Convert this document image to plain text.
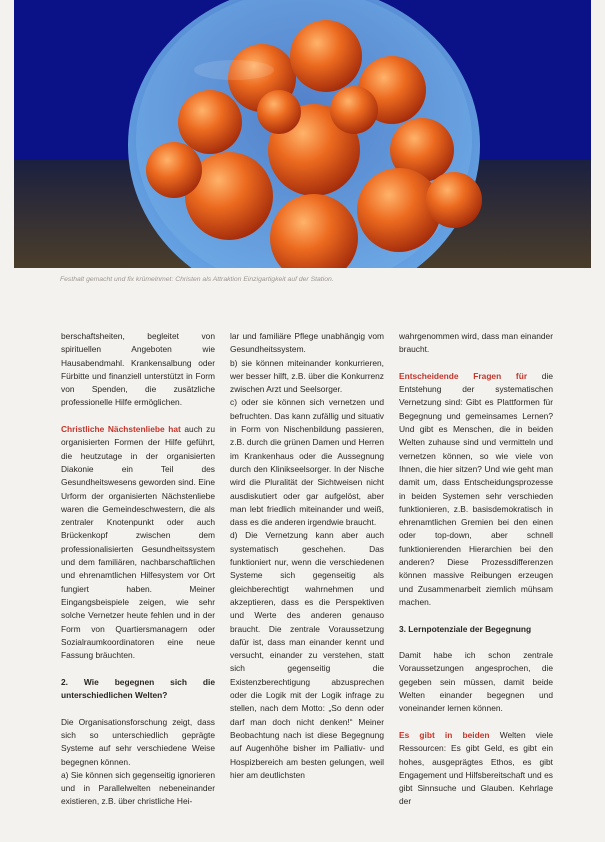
Festhalt gemacht und fix krümelnmet: Christen als Attraktion Einzigartigkeit auf der Station.

berschaftsheiten, begleitet von spirituellen Angeboten wie Hausabendmahl. Krankensalbung oder Fürbitte und finanziell unterstützt in Form von Spenden, die zusätzliche professionelle Hilfe ermöglichen.

Christliche Nächstenliebe hat auch zu organisierten Formen der Hilfe geführt, die heutzutage in der organisierten Diakonie ein Teil des Gesundheitswesens geworden sind. Eine Urform der organisierten Nächstenliebe waren die Gemeindeschwestern, die als zentraler Knotenpunkt oder auch Brückenkopf zwischen dem professionalisierten Gesundheitssystem und dem familiären, nachbarschaftlichen und ehrenamtlichen Hilfesystem vor Ort fungiert haben. Meiner Eingangsbeispiele zeigen, wie sehr solche Vernetzer heute fehlen und in der Form von Quartiersmanagern oder Sozialraumkoordinatoren eine neue Fassung bräuchten.

2. Wie begegnen sich die unterschiedlichen Welten?

Die Organisationsforschung zeigt, dass sich so unterschiedlich geprägte Systeme auf sehr verschiedene Weise begegnen können.

a) Sie können sich gegenseitig ignorieren und in Parallelwelten nebeneinander existieren, z.B. über christliche Hei-

lar und familiäre Pflege unabhängig vom Gesundheitssystem.

b) sie können miteinander konkurrieren, wer besser hilft, z.B. über die Konkurrenz zwischen Arzt und Seelsorger.

c) oder sie können sich vernetzen und befruchten. Das kann zufällig und situativ in Form von Nischenbildung passieren, z.B. durch die grünen Damen und Herren im Krankenhaus oder die Aussegnung durch den Klinikseelsorger. In der Nische wird die Pluralität der Sichtweisen nicht ausdiskutiert oder gar aufgelöst, aber man lebt friedlich miteinander und weiß, dass es die anderen irgendwie braucht.

d) Die Vernetzung kann aber auch systematisch geschehen. Das funktioniert nur, wenn die verschiedenen Systeme sich gegenseitig als gleichberechtigt wahrnehmen und akzeptieren, dass es die Perspektiven und Werte des anderen genauso braucht. Die zentrale Voraussetzung dafür ist, dass man einander kennt und versucht, einander zu verstehen, statt sich gegenseitig die Existenzberechtigung abzusprechen oder die Logik mit der Logik infrage zu stellen, nach dem Motto: „So denn oder darf man doch nicht denken!“ Meiner Beobachtung nach ist diese Begegnung auf Augenhöhe bisher im Palliativ- und Hospizbereich am besten gelungen, weil hier am deutlichsten

wahrgenommen wird, dass man einander braucht.

Entscheidende Fragen für die Entstehung der systematischen Vernetzung sind: Gibt es Plattformen für Begegnung und gemeinsames Lernen? Und gibt es Menschen, die in beiden Welten zuhause sind und vermitteln und vernetzen können, so wie viele von Ihnen, die hier sitzen? Und wie geht man damit um, dass Entscheidungsprozesse in beiden Systemen sehr verschieden funktionieren, z.B. basisdemokratisch in ehrenamtlichen Gremien bei den einen oder top-down, aber schnell funktionierenden Hierarchien bei den anderen? Diese Prozessdifferenzen können massive Reibungen erzeugen und Zusammenarbeit ziemlich mühsam machen.

3. Lernpotenziale der Begegnung

Damit habe ich schon zentrale Voraussetzungen angesprochen, die gegeben sein müssen, damit beide Welten einander begegnen und voneinander lernen können.

Es gibt in beiden Welten viele Ressourcen: Es gibt Geld, es gibt ein hohes, ausgeprägtes Ethos, es gibt Engagement und Hilfsbereitschaft und es gibt Sinnsuche und Glauben. Kehrlage der
